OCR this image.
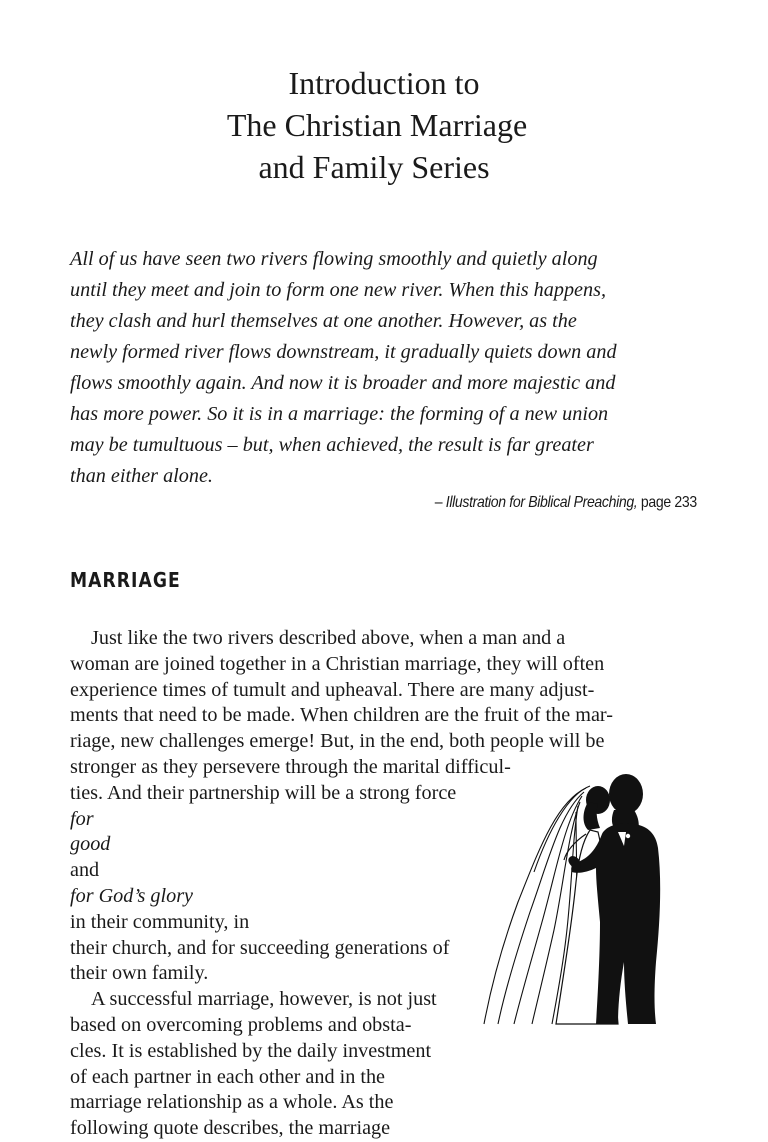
Introduction to
The Christian Marriage
and Family Series
All of us have seen two rivers flowing smoothly and quietly along
until they meet and join to form one new river. When this happens,
they clash and hurl themselves at one another. However, as the
newly formed river flows downstream, it gradually quiets down and
flows smoothly again. And now it is broader and more majestic and
has more power. So it is in a marriage: the forming of a new union
may be tumultuous – but, when achieved, the result is far greater
than either alone.
– Illustration for Biblical Preaching, page 233
MARRIAGE
Just like the two rivers described above, when a man and a
woman are joined together in a Christian marriage, they will often
experience times of tumult and upheaval. There are many adjust-
ments that need to be made. When children are the fruit of the mar-
riage, new challenges emerge! But, in the end, both people will be
stronger as they persevere through the marital difficul-
ties. And their partnership will be a strong force
for
good
and
for God’s glory
in their community, in
their church, and for succeeding generations of
their own family.
A successful marriage, however, is not just
based on overcoming problems and obsta-
cles. It is established by the daily investment
of each partner in each other and in the
marriage relationship as a whole. As the
following quote describes, the marriage
